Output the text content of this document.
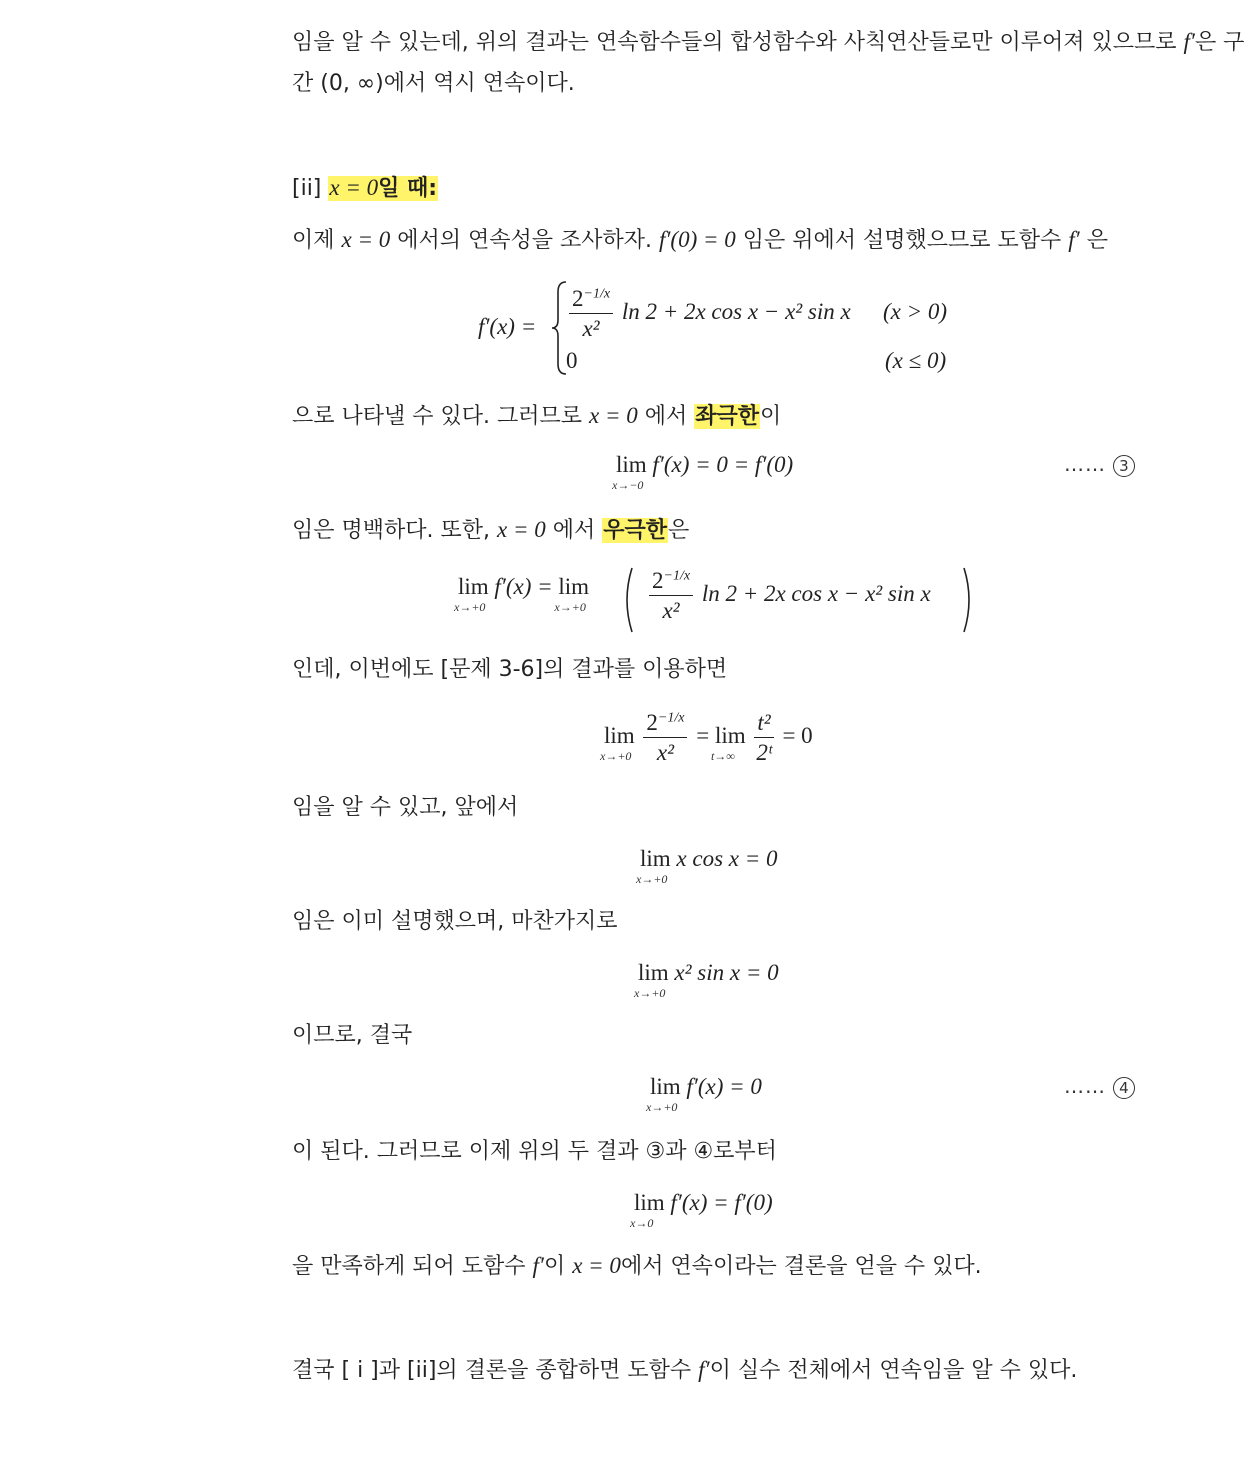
임을 알 수 있는데, 위의 결과는 연속함수들의 합성함수와 사칙연산들로만 이루어져 있으므로 f′은 구
간 (0, ∞)에서 역시 연속이다.
[ii] x = 0일 때:
이제 x = 0 에서의 연속성을 조사하자. f′(0) = 0 임은 위에서 설명했으므로 도함수 f′ 은
$f'(x) = \frac{2^{-1/x}}{\text{x²}}$ ln 2 + 2x cos x − x² sin x (x > 0)
0	(x ≤ 0)
으로 나타낼 수 있다. 그러므로 x = 0 에서 좌극한이
lim
x→−0
f′(x) = 0 = f′(0)	…… 3
임은 명백하다. 또한, x = 0 에서 우극한은
lim
x→+0
f′(x) = lim
x→+0	$\frac{2^{-1/x}}{\text{x²}}$ ln 2 + 2x cos x − x² sin x
인데, 이번에도 [문제 3-6]의 결과를 이용하면
lim
x→+0
$\frac{2^{-1/x}}{\text{x²}} = \lim$
t→∞
$\frac{\text{t²}}{\text{2ᵗ}} = 0$
임을 알 수 있고, 앞에서
lim
x→+0
x cos x = 0
임은 이미 설명했으며, 마찬가지로
lim
x→+0
x² sin x = 0
이므로, 결국
lim
x→+0
f′(x) = 0	…… 4
이 된다. 그러므로 이제 위의 두 결과 ③과 ④로부터
lim
x→0
f′(x) = f′(0)
을 만족하게 되어 도함수 f′이 x = 0에서 연속이라는 결론을 얻을 수 있다.
결국 [ i ]과 [ii]의 결론을 종합하면 도함수 f′이 실수 전체에서 연속임을 알 수 있다.
